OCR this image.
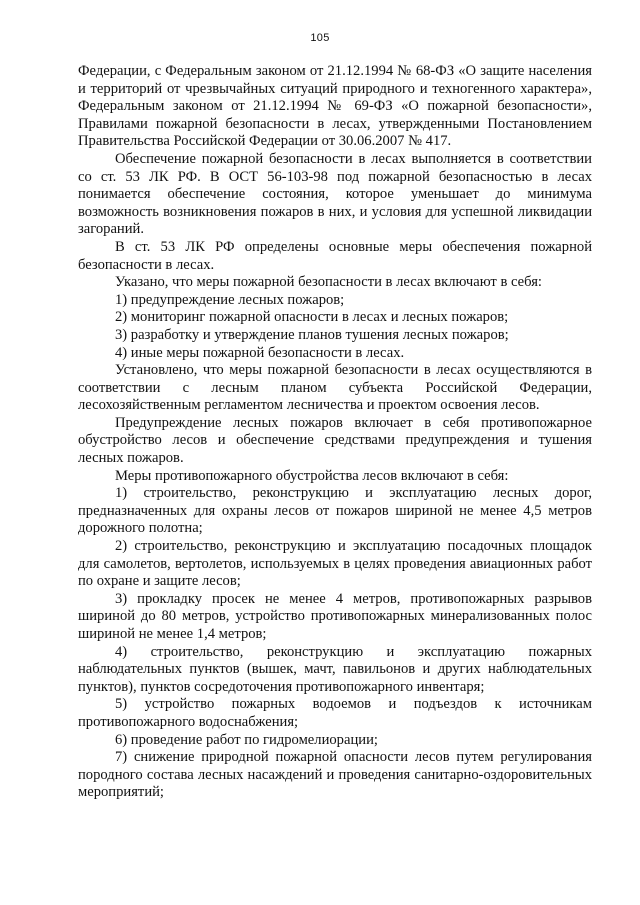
105

Федерации, с Федеральным законом от 21.12.1994 № 68-ФЗ «О защите населения и территорий от чрезвычайных ситуаций природного и техногенного характера», Федеральным законом от 21.12.1994 № 69-ФЗ «О пожарной безопасности», Правилами пожарной безопасности в лесах, утвержденными Постановлением Правительства Российской Федерации от 30.06.2007 № 417.

Обеспечение пожарной безопасности в лесах выполняется в соответствии со ст. 53 ЛК РФ. В ОСТ 56-103-98 под пожарной безопасностью в лесах понимается обеспечение состояния, которое уменьшает до минимума возможность возникновения пожаров в них, и условия для успешной ликвидации загораний.

В ст. 53 ЛК РФ определены основные меры обеспечения пожарной безопасности в лесах.

Указано, что меры пожарной безопасности в лесах включают в себя:

1) предупреждение лесных пожаров;

2) мониторинг пожарной опасности в лесах и лесных пожаров;

3) разработку и утверждение планов тушения лесных пожаров;

4) иные меры пожарной безопасности в лесах.

Установлено, что меры пожарной безопасности в лесах осуществляются в соответствии с лесным планом субъекта Российской Федерации, лесохозяйственным регламентом лесничества и проектом освоения лесов.

Предупреждение лесных пожаров включает в себя противопожарное обустройство лесов и обеспечение средствами предупреждения и тушения лесных пожаров.

Меры противопожарного обустройства лесов включают в себя:

1) строительство, реконструкцию и эксплуатацию лесных дорог, предназначенных для охраны лесов от пожаров шириной не менее 4,5 метров дорожного полотна;

2) строительство, реконструкцию и эксплуатацию посадочных площадок для самолетов, вертолетов, используемых в целях проведения авиационных работ по охране и защите лесов;

3) прокладку просек не менее 4 метров, противопожарных разрывов шириной до 80 метров, устройство противопожарных минерализованных полос шириной не менее 1,4 метров;

4) строительство, реконструкцию и эксплуатацию пожарных наблюдательных пунктов (вышек, мачт, павильонов и других наблюдательных пунктов), пунктов сосредоточения противопожарного инвентаря;

5) устройство пожарных водоемов и подъездов к источникам противопожарного водоснабжения;

6) проведение работ по гидромелиорации;

7) снижение природной пожарной опасности лесов путем регулирования породного состава лесных насаждений и проведения санитарно-оздоровительных

мероприятий;
